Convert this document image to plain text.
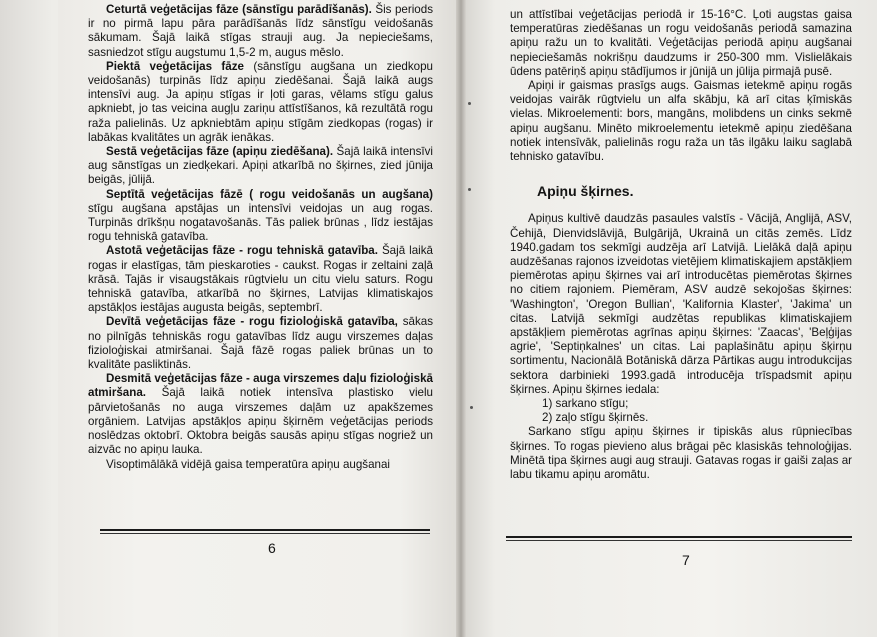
Ceturtā veģetācijas fāze (sānstīgu parādīšanās). Šis periods ir no pirmā lapu pāra parādīšanās līdz sānstīgu veidošanās sākumam. Šajā laikā stīgas strauji aug. Ja nepieciešams, sasniedzot stīgu augstumu 1,5-2 m, augus mēslo.

Piektā veģetācijas fāze (sānstīgu augšana un ziedkopu veidošanās) turpinās līdz apiņu ziedēšanai. Šajā laikā augs intensīvi aug. Ja apiņu stīgas ir ļoti garas, vēlams stīgu galus apkniebt, jo tas veicina augļu zariņu attīstīšanos, kā rezultātā rogu raža palielinās. Uz apkniebtām apiņu stīgām ziedkopas (rogas) ir labākas kvalitātes un agrāk ienākas.

Sestā veģetācijas fāze (apiņu ziedēšana). Šajā laikā intensīvi aug sānstīgas un ziedķekari. Apiņi atkarībā no šķirnes, zied jūnija beigās, jūlijā.

Septītā veģetācijas fāzē ( rogu veidošanās un augšana) stīgu augšana apstājas un intensīvi veidojas un aug rogas. Turpinās drīkšņu nogatavošanās. Tās paliek brūnas , līdz iestājas rogu tehniskā gatavība.

Astotā veģetācijas fāze - rogu tehniskā gatavība. Šajā laikā rogas ir elastīgas, tām pieskaroties - caukst. Rogas ir zeltaini zaļā krāsā. Tajās ir visaugstākais rūgtvielu un citu vielu saturs. Rogu tehniskā gatavība, atkarībā no šķirnes, Latvijas klimatiskajos apstākļos iestājas augusta beigās, septembrī.

Devītā veģetācijas fāze - rogu fizioloģiskā gatavība, sākas no pilnīgās tehniskās rogu gatavības līdz augu virszemes daļas fizioloģiskai atmiršanai. Šajā fāzē rogas paliek brūnas un to kvalitāte pasliktinās.

Desmitā veģetācijas fāze - auga virszemes daļu fizioloģiskā atmiršana. Šajā laikā notiek intensīva plastisko vielu pārvietošanās no auga virszemes daļām uz apakšzemes orgāniem. Latvijas apstākļos apiņu šķirnēm veģetācijas periods noslēdzas oktobrī. Oktobra beigās sausās apiņu stīgas nogriež un aizvāc no apiņu lauka.

Visoptimālākā vidējā gaisa temperatūra apiņu augšanai

6

un attīstībai veģetācijas periodā ir 15-16°C. Ļoti augstas gaisa temperatūras ziedēšanas un rogu veidošanās periodā samazina apiņu ražu un to kvalitāti. Veģetācijas periodā apiņu augšanai nepieciešamās nokrišņu daudzums ir 250-300 mm. Vislielākais ūdens patēriņš apiņu stādījumos ir jūnijā un jūlija pirmajā pusē.

Apiņi ir gaismas prasīgs augs. Gaismas ietekmē apiņu rogās veidojas vairāk rūgtvielu un alfa skābju, kā arī citas ķīmiskās vielas. Mikroelementi: bors, mangāns, molibdens un cinks sekmē apiņu augšanu. Minēto mikroelementu ietekmē apiņu ziedēšana notiek intensīvāk, palielinās rogu raža un tās ilgāku laiku saglabā tehnisko gatavību.

Apiņu šķirnes.

Apiņus kultivē daudzās pasaules valstīs - Vācijā, Anglijā, ASV, Čehijā, Dienvidslāvijā, Bulgārijā, Ukrainā un citās zemēs. Līdz 1940.gadam tos sekmīgi audzēja arī Latvijā. Lielākā daļā apiņu audzēšanas rajonos izveidotas vietējiem klimatiskajiem apstākļiem piemērotas apiņu šķirnes vai arī introducētas piemērotas šķirnes no citiem rajoniem. Piemēram, ASV audzē sekojošas šķirnes: 'Washington', 'Oregon Bullian', 'Kalifornia Klaster', 'Jakima' un citas. Latvijā sekmīgi audzētas republikas klimatiskajiem apstākļiem piemērotas agrīnas apiņu šķirnes: 'Zaacas', 'Beļģijas agrie', 'Septiņkalnes' un citas. Lai paplašinātu apiņu šķirņu sortimentu, Nacionālā Botāniskā dārza Pārtikas augu introdukcijas sektora darbinieki 1993.gadā introducēja trīspadsmit apiņu šķirnes. Apiņu šķirnes iedala:

1) sarkano stīgu;

2) zaļo stīgu šķirnēs.

Sarkano stīgu apiņu šķirnes ir tipiskās alus rūpniecības šķirnes. To rogas pievieno alus brāgai pēc klasiskās tehnoloģijas. Minētā tipa šķirnes augi aug strauji. Gatavas rogas ir gaiši zaļas ar labu tikamu apiņu aromātu.

7
